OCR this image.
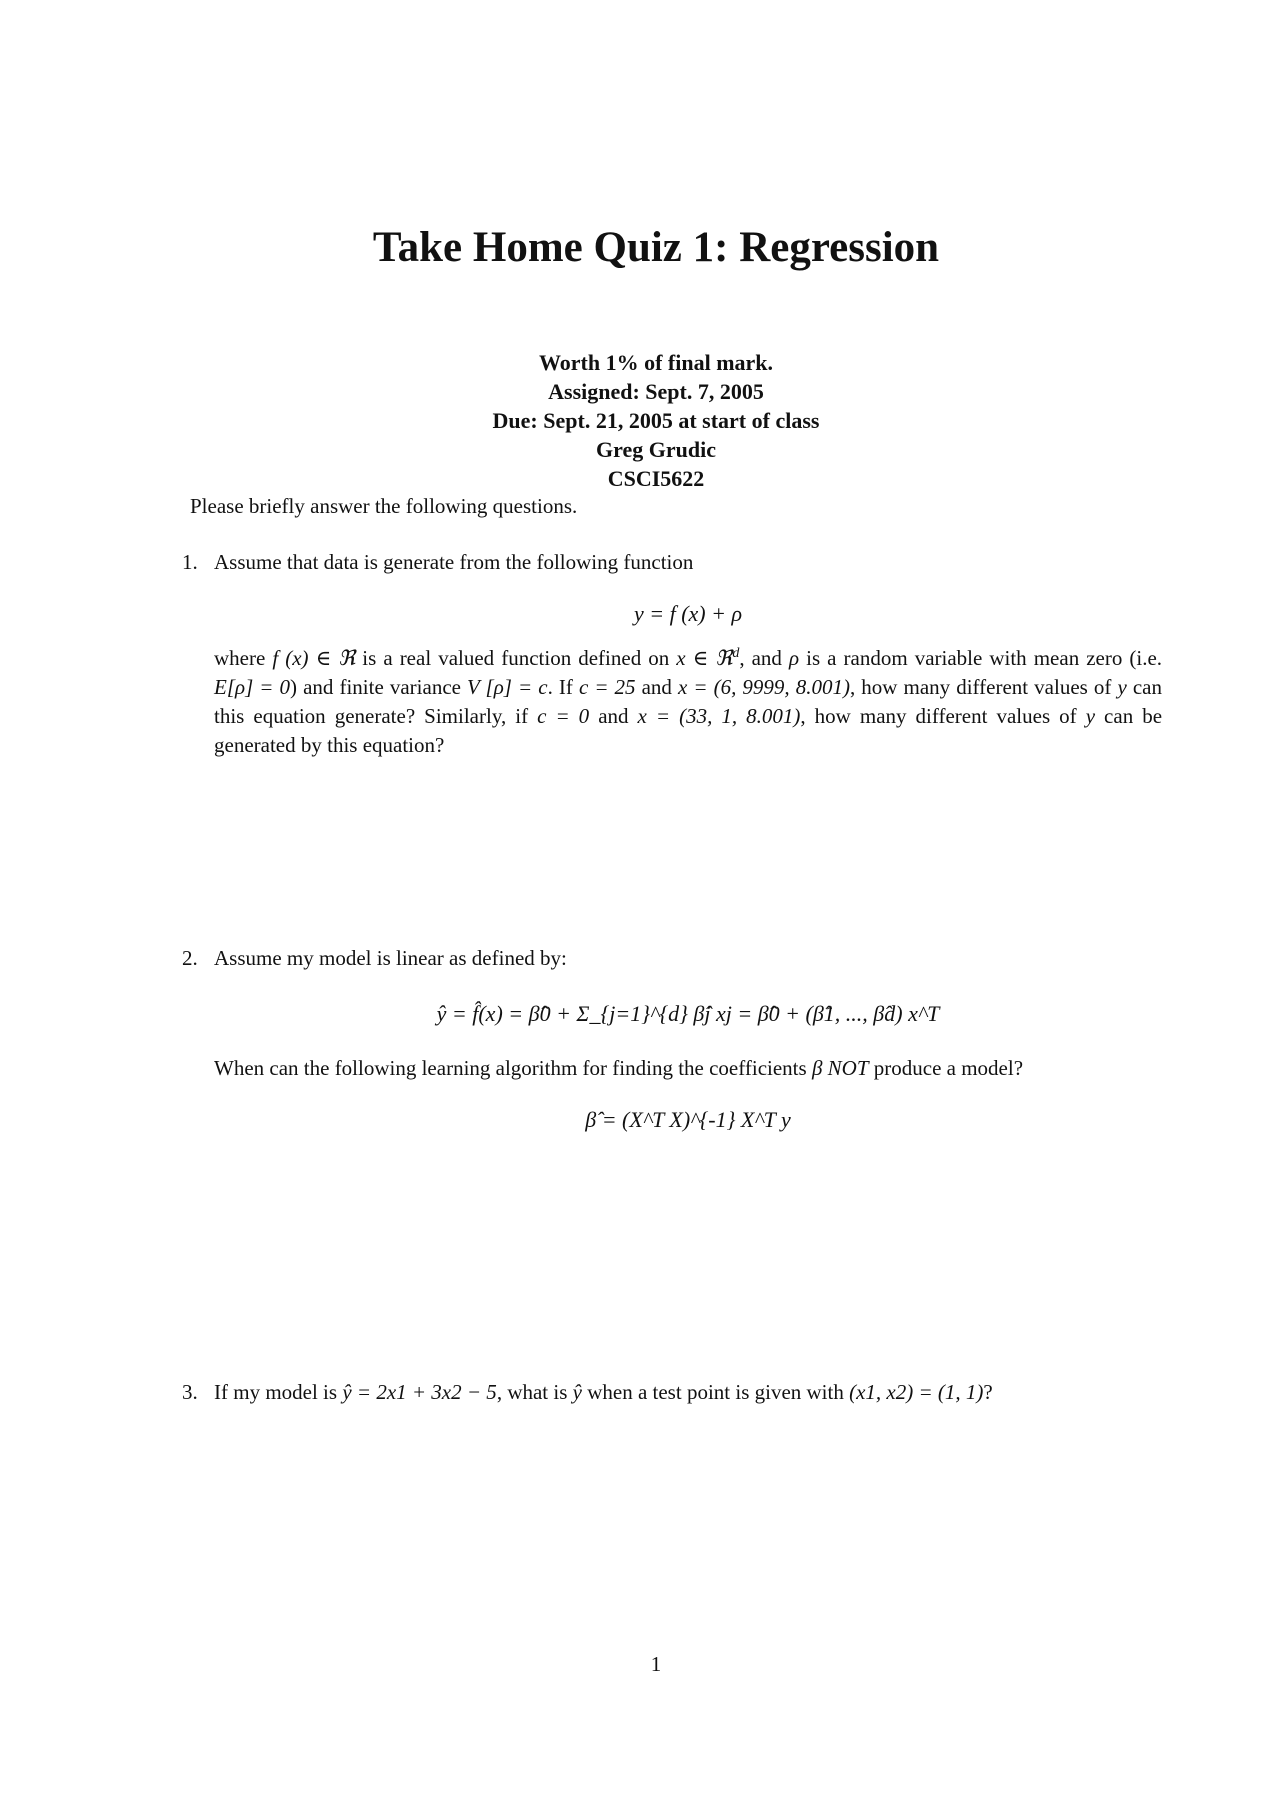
Take Home Quiz 1: Regression
Worth 1% of final mark.
Assigned: Sept. 7, 2005
Due: Sept. 21, 2005 at start of class
Greg Grudic
CSCI5622
Please briefly answer the following questions.
1. Assume that data is generate from the following function
y = f (x) + ρ
where f (x) ∈ ℜ is a real valued function defined on x ∈ ℜ$^d$, and ρ is a random variable with mean zero (i.e. E[ρ] = 0) and finite variance V [ρ] = c. If c = 25 and x = (6, 9999, 8.001), how many different values of y can this equation generate? Similarly, if c = 0 and x = (33, 1, 8.001), how many different values of y can be generated by this equation?
2. Assume my model is linear as defined by:
ŷ = f̂(x) = β̂0 + Σ_{j=1}^{d} β̂j xj = β̂0 + (β̂1, ..., β̂d) x^T
When can the following learning algorithm for finding the coefficients β NOT produce a model?
β̂ = (X^T X)^{-1} X^T y
3. If my model is ŷ = 2x1 + 3x2 − 5, what is ŷ when a test point is given with (x1, x2) = (1, 1)?
1
